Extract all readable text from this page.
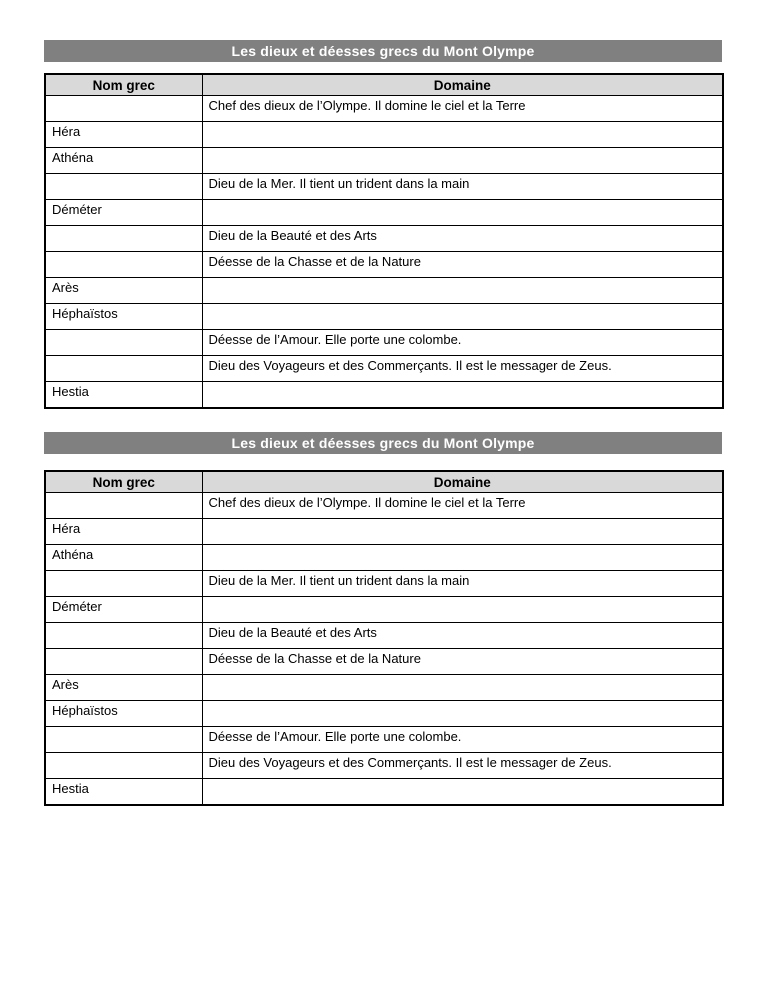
Les dieux et déesses grecs du Mont Olympe
Nom grec	Domaine
	Chef des dieux de l’Olympe. Il domine le ciel et la Terre
Héra	
Athéna	
	Dieu de la Mer. Il tient un trident dans la main
Déméter	
	Dieu de la Beauté et des Arts
	Déesse de la Chasse et de la Nature
Arès	
Héphaïstos	
	Déesse de l’Amour. Elle porte une colombe.
	Dieu des Voyageurs et des Commerçants. Il est le messager de Zeus.
Hestia	
Les dieux et déesses grecs du Mont Olympe
Nom grec	Domaine
	Chef des dieux de l’Olympe. Il domine le ciel et la Terre
Héra	
Athéna	
	Dieu de la Mer. Il tient un trident dans la main
Déméter	
	Dieu de la Beauté et des Arts
	Déesse de la Chasse et de la Nature
Arès	
Héphaïstos	
	Déesse de l’Amour. Elle porte une colombe.
	Dieu des Voyageurs et des Commerçants. Il est le messager de Zeus.
Hestia	
